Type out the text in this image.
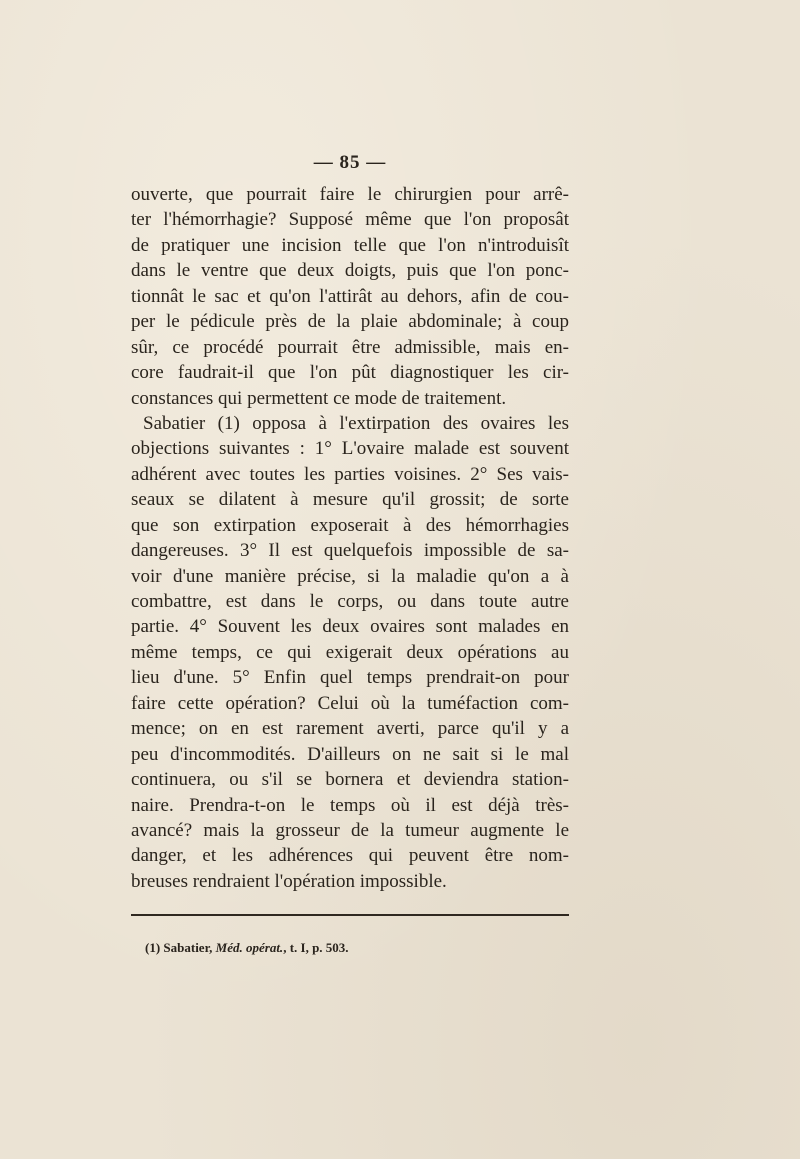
— 85 —
ouverte, que pourrait faire le chirurgien pour arrê-
ter l'hémorrhagie? Supposé même que l'on proposât
de pratiquer une incision telle que l'on n'introduisît
dans le ventre que deux doigts, puis que l'on ponc-
tionnât le sac et qu'on l'attirât au dehors, afin de cou-
per le pédicule près de la plaie abdominale; à coup
sûr, ce procédé pourrait être admissible, mais en-
core faudrait-il que l'on pût diagnostiquer les cir-
constances qui permettent ce mode de traitement.
Sabatier (1) opposa à l'extirpation des ovaires les
objections suivantes : 1° L'ovaire malade est souvent
adhérent avec toutes les parties voisines. 2° Ses vais-
seaux se dilatent à mesure qu'il grossit; de sorte
que son extirpation exposerait à des hémorrhagies
dangereuses. 3° Il est quelquefois impossible de sa-
voir d'une manière précise, si la maladie qu'on a à
combattre, est dans le corps, ou dans toute autre
partie. 4° Souvent les deux ovaires sont malades en
même temps, ce qui exigerait deux opérations au
lieu d'une. 5° Enfin quel temps prendrait-on pour
faire cette opération? Celui où la tuméfaction com-
mence; on en est rarement averti, parce qu'il y a
peu d'incommodités. D'ailleurs on ne sait si le mal
continuera, ou s'il se bornera et deviendra station-
naire. Prendra-t-on le temps où il est déjà très-
avancé? mais la grosseur de la tumeur augmente le
danger, et les adhérences qui peuvent être nom-
breuses rendraient l'opération impossible.
(1) Sabatier, Méd. opérat., t. I, p. 503.
